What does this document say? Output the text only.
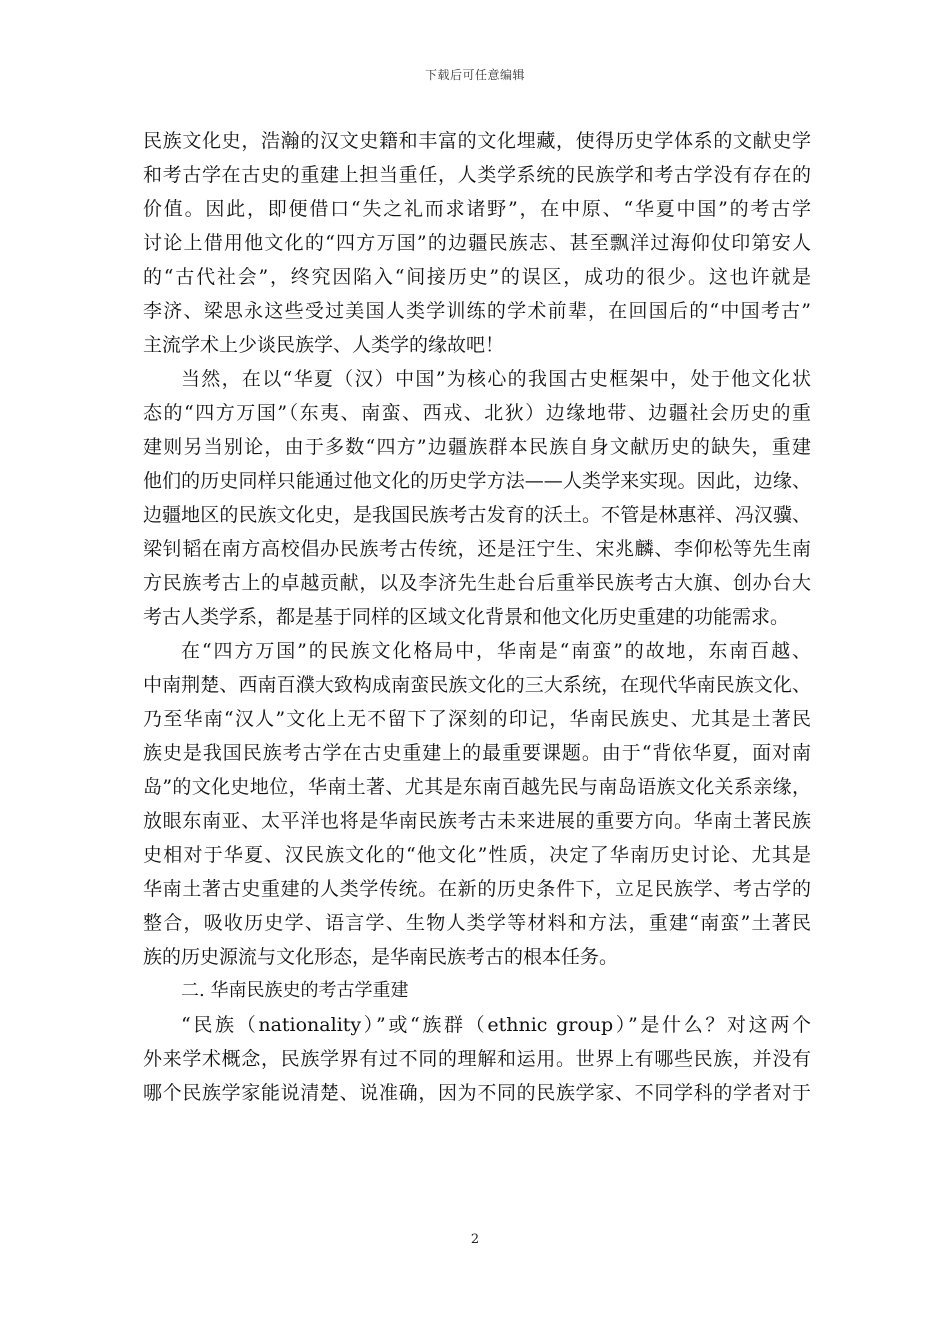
下载后可任意编辑
民族文化史，浩瀚的汉文史籍和丰富的文化埋藏，使得历史学体系的文献史学
和考古学在古史的重建上担当重任，人类学系统的民族学和考古学没有存在的
价值。因此，即便借口“失之礼而求诸野”，在中原、“华夏中国”的考古学
讨论上借用他文化的“四方万国”的边疆民族志、甚至飘洋过海仰仗印第安人
的“古代社会”，终究因陷入“间接历史”的误区，成功的很少。这也许就是
李济、梁思永这些受过美国人类学训练的学术前辈，在回国后的“中国考古”
主流学术上少谈民族学、人类学的缘故吧！
当然，在以“华夏（汉）中国”为核心的我国古史框架中，处于他文化状
态的“四方万国”（东夷、南蛮、西戎、北狄）边缘地带、边疆社会历史的重
建则另当别论，由于多数“四方”边疆族群本民族自身文献历史的缺失，重建
他们的历史同样只能通过他文化的历史学方法——人类学来实现。因此，边缘、
边疆地区的民族文化史，是我国民族考古发育的沃土。不管是林惠祥、冯汉骥、
梁钊韬在南方高校倡办民族考古传统，还是汪宁生、宋兆麟、李仰松等先生南
方民族考古上的卓越贡献，以及李济先生赴台后重举民族考古大旗、创办台大
考古人类学系，都是基于同样的区域文化背景和他文化历史重建的功能需求。
在“四方万国”的民族文化格局中，华南是“南蛮”的故地，东南百越、
中南荆楚、西南百濮大致构成南蛮民族文化的三大系统，在现代华南民族文化、
乃至华南“汉人”文化上无不留下了深刻的印记，华南民族史、尤其是土著民
族史是我国民族考古学在古史重建上的最重要课题。由于“背依华夏，面对南
岛”的文化史地位，华南土著、尤其是东南百越先民与南岛语族文化关系亲缘，
放眼东南亚、太平洋也将是华南民族考古未来进展的重要方向。华南土著民族
史相对于华夏、汉民族文化的“他文化”性质，决定了华南历史讨论、尤其是
华南土著古史重建的人类学传统。在新的历史条件下，立足民族学、考古学的
整合，吸收历史学、语言学、生物人类学等材料和方法，重建“南蛮”土著民
族的历史源流与文化形态，是华南民族考古的根本任务。
二. 华南民族史的考古学重建
“民族（nationality）”或“族群（ethnic group）”是什么？对这两个
外来学术概念，民族学界有过不同的理解和运用。世界上有哪些民族，并没有
哪个民族学家能说清楚、说准确，因为不同的民族学家、不同学科的学者对于
2
